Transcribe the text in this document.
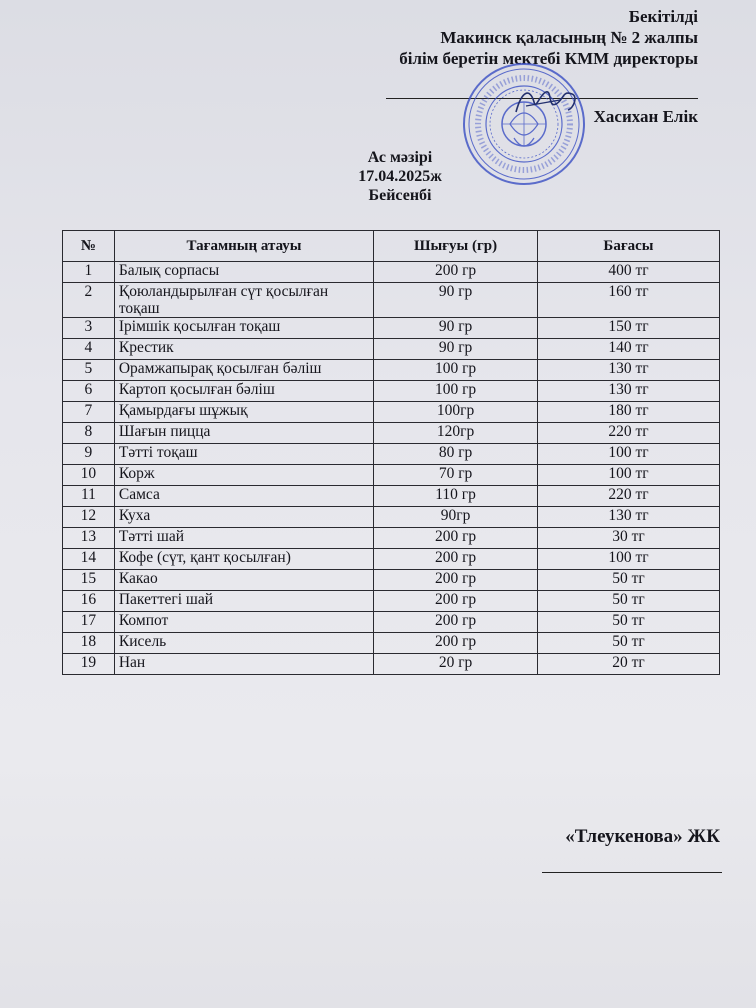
Бекітілді
Макинск қаласының № 2 жалпы
білім беретін мектебі КММ директоры
Хасихан Елік
Ас мәзірі
17.04.2025ж
Бейсенбі
№	Тағамның атауы	Шығуы (гр)	Бағасы
1	Балық сорпасы	200 гр	400 тг
2	Қоюландырылған сүт қосылған тоқаш	90 гр	160 тг
3	Ірімшік қосылған тоқаш	90 гр	150 тг
4	Крестик	90 гр	140 тг
5	Орамжапырақ қосылған бәліш	100 гр	130 тг
6	Картоп қосылған бәліш	100 гр	130 тг
7	Қамырдағы шұжық	100гр	180 тг
8	Шағын пицца	120гр	220 тг
9	Тәтті тоқаш	80 гр	100 тг
10	Корж	70 гр	100 тг
11	Самса	110 гр	220 тг
12	Куха	90гр	130 тг
13	Тәтті шай	200 гр	30 тг
14	Кофе (сүт, қант қосылған)	200 гр	100 тг
15	Какао	200 гр	50 тг
16	Пакеттегі шай	200 гр	50 тг
17	Компот	200 гр	50 тг
18	Кисель	200 гр	50 тг
19	Нан	20 гр	20 тг
«Тлеукенова» ЖК
